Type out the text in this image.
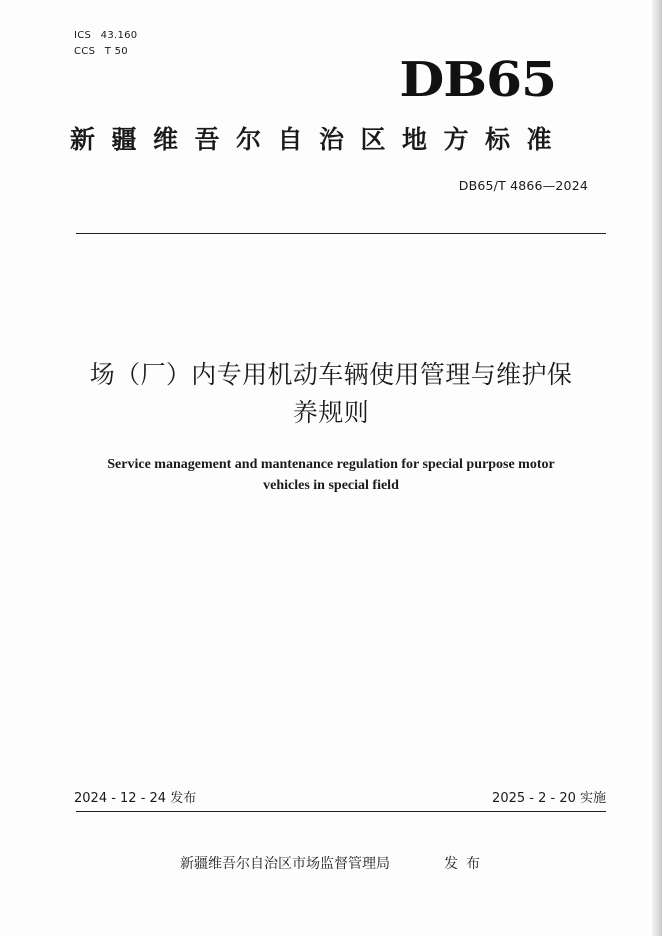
ICS 43.160
CCS T 50
DB65
新疆维吾尔自治区地方标准
DB65/T 4866—2024
场（厂）内专用机动车辆使用管理与维护保
养规则
Service management and mantenance regulation for special purpose motor
vehicles in special field
2024 - 12 - 24 发布	2025 - 2 - 20 实施
新疆维吾尔自治区市场监督管理局	发布
